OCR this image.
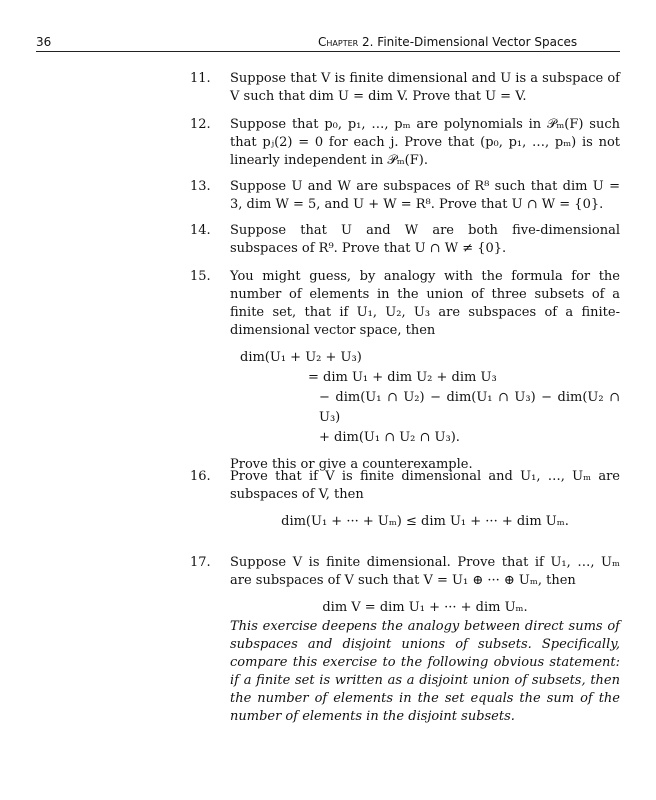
36	Chapter 2. Finite-Dimensional Vector Spaces
11.	Suppose that V is finite dimensional and U is a subspace of V such that dim U = dim V. Prove that U = V.

12.	Suppose that p₀, p₁, …, pₘ are polynomials in 𝒫ₘ(F) such that pⱼ(2) = 0 for each j. Prove that (p₀, p₁, …, pₘ) is not linearly independent in 𝒫ₘ(F).

13.	Suppose U and W are subspaces of R⁸ such that dim U = 3, dim W = 5, and U + W = R⁸. Prove that U ∩ W = {0}.

14.	Suppose that U and W are both five-dimensional subspaces of R⁹. Prove that U ∩ W ≠ {0}.

15.	You might guess, by analogy with the formula for the number of elements in the union of three subsets of a finite set, that if U₁, U₂, U₃ are subspaces of a finite-dimensional vector space, then

dim(U₁ + U₂ + U₃)
= dim U₁ + dim U₂ + dim U₃
− dim(U₁ ∩ U₂) − dim(U₁ ∩ U₃) − dim(U₂ ∩ U₃)
+ dim(U₁ ∩ U₂ ∩ U₃).

Prove this or give a counterexample.

16.	Prove that if V is finite dimensional and U₁, …, Uₘ are subspaces of V, then

dim(U₁ + ··· + Uₘ) ≤ dim U₁ + ··· + dim Uₘ.
17.	Suppose V is finite dimensional. Prove that if U₁, …, Uₘ are subspaces of V such that V = U₁ ⊕ ··· ⊕ Uₘ, then

dim V = dim U₁ + ··· + dim Uₘ.

This exercise deepens the analogy between direct sums of subspaces and disjoint unions of subsets. Specifically, compare this exercise to the following obvious statement: if a finite set is written as a disjoint union of subsets, then the number of elements in the set equals the sum of the number of elements in the disjoint subsets.
